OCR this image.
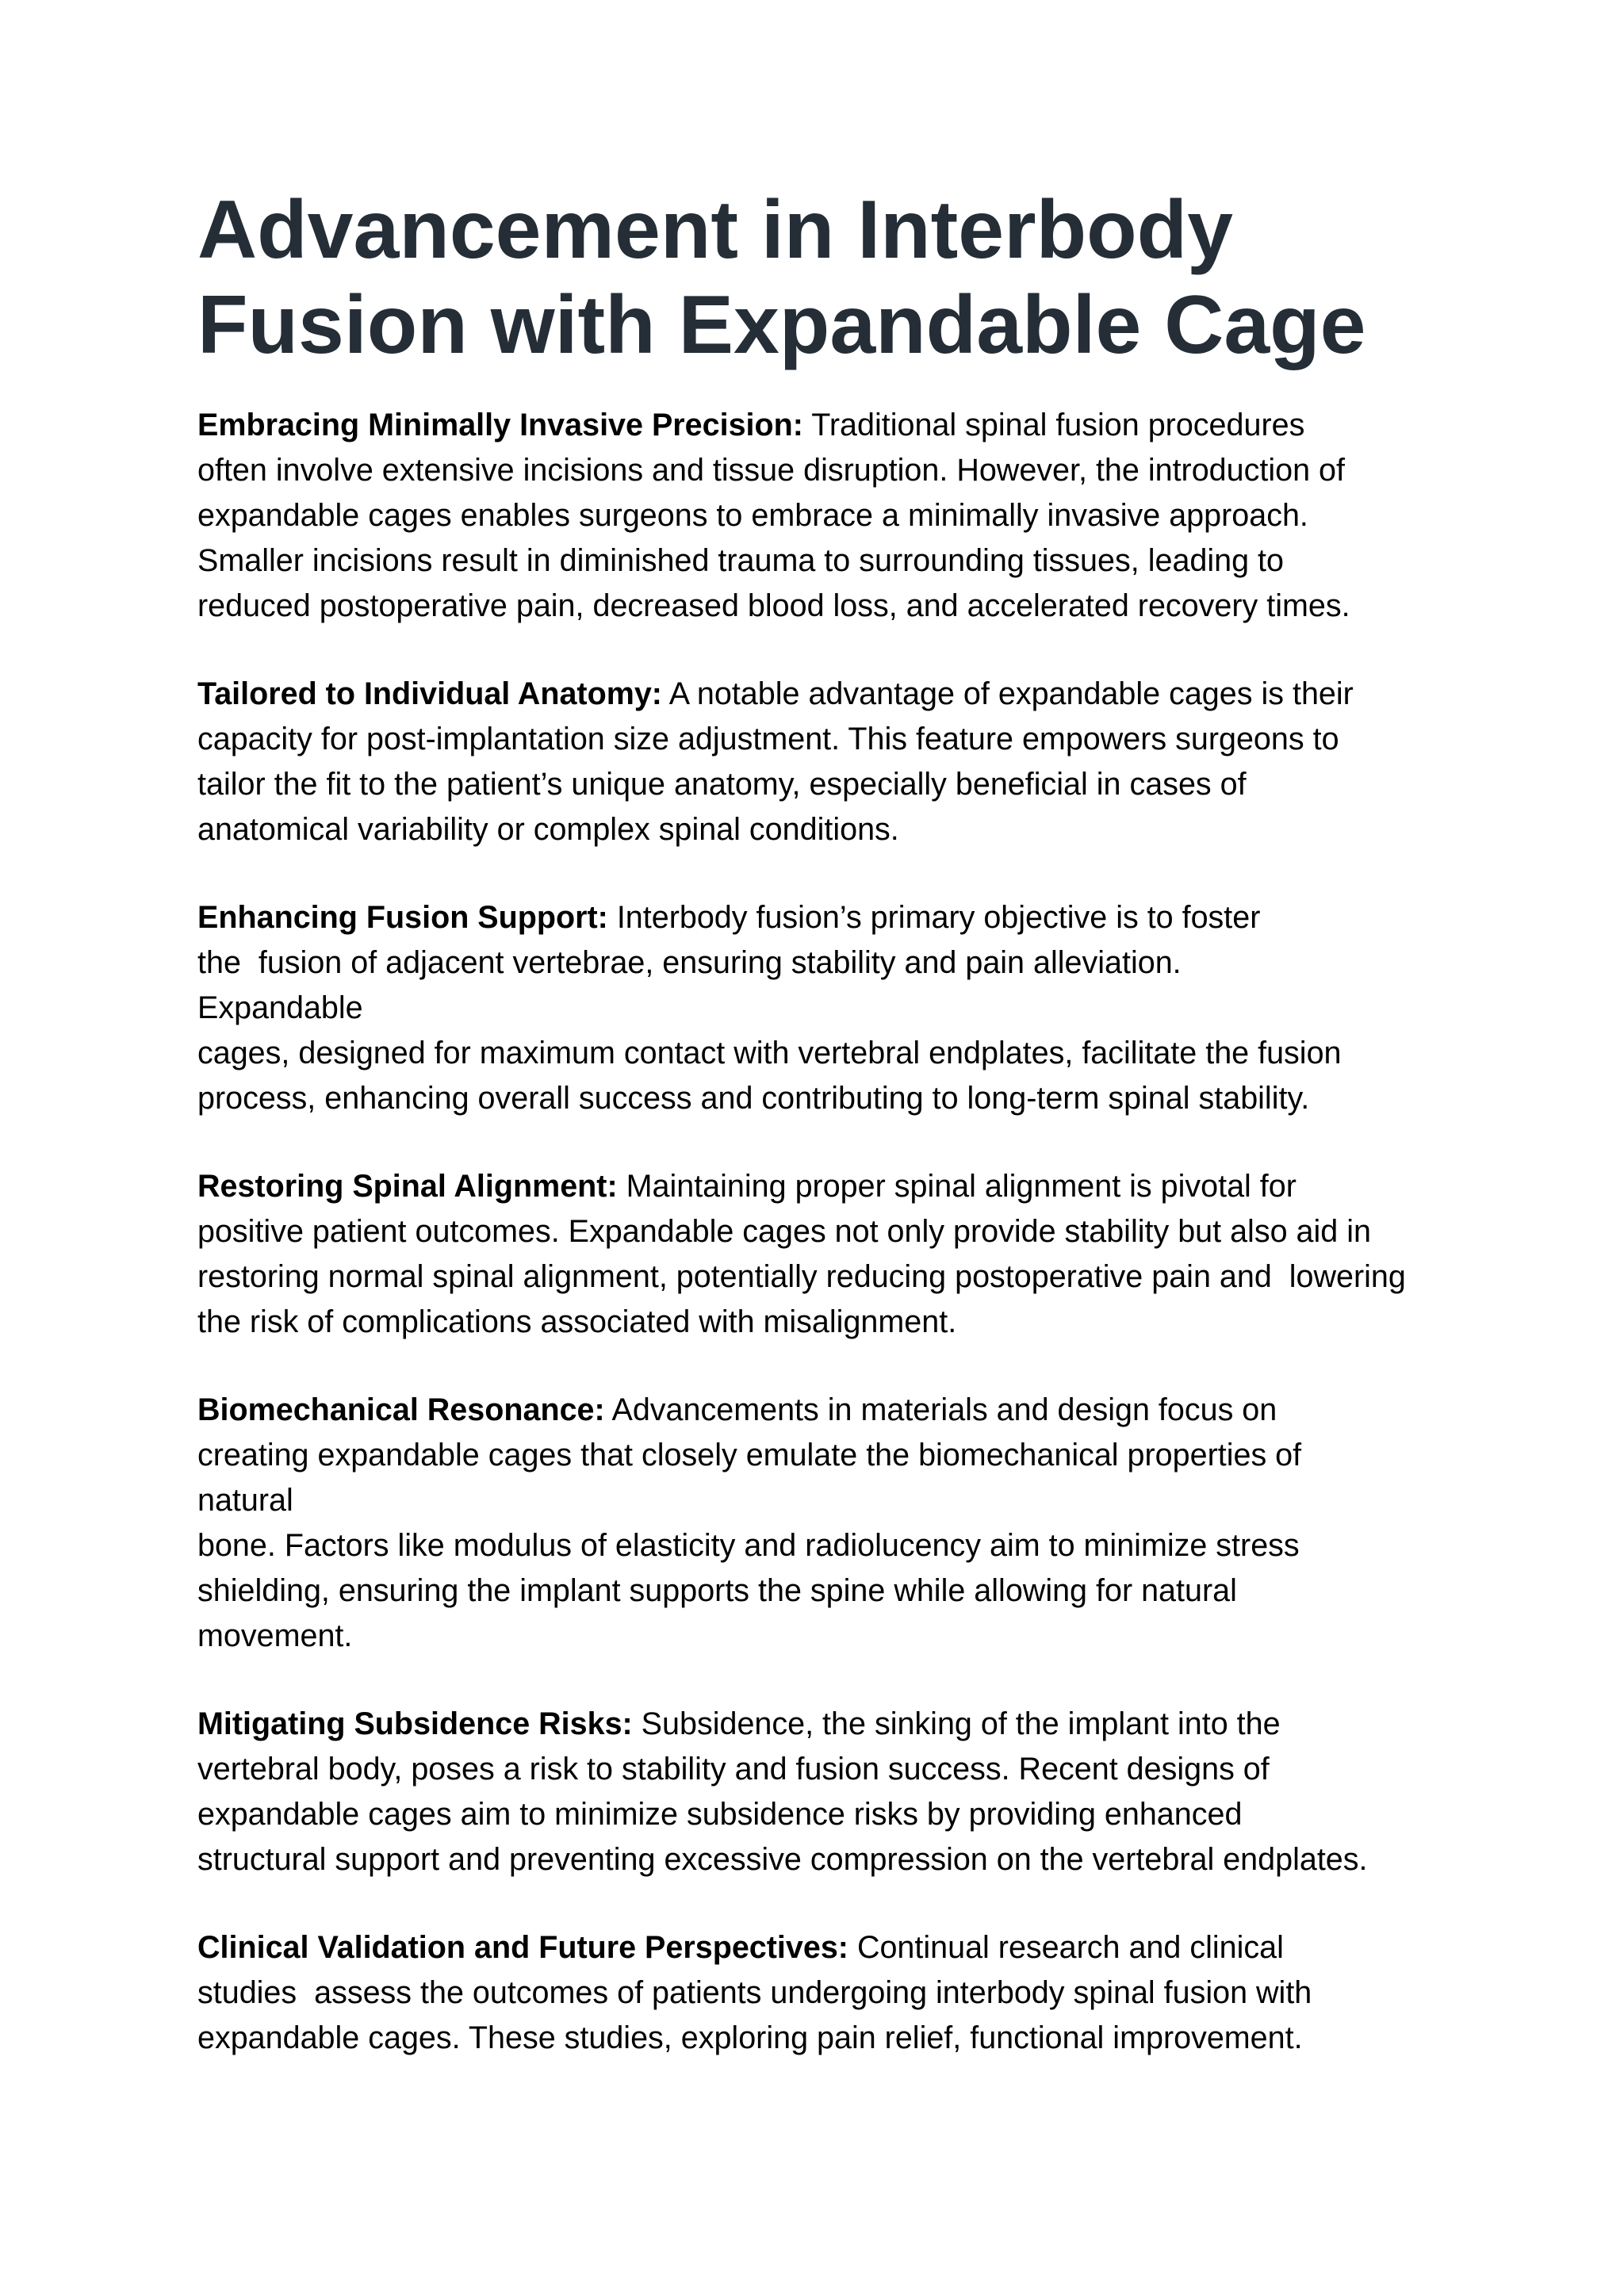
Advancement in Interbody
Fusion with Expandable Cage

Embracing Minimally Invasive Precision: Traditional spinal fusion procedures
often involve extensive incisions and tissue disruption. However, the introduction of
expandable cages enables surgeons to embrace a minimally invasive approach.
Smaller incisions result in diminished trauma to surrounding tissues, leading to
reduced postoperative pain, decreased blood loss, and accelerated recovery times.

Tailored to Individual Anatomy: A notable advantage of expandable cages is their
capacity for post-implantation size adjustment. This feature empowers surgeons to
tailor the fit to the patient’s unique anatomy, especially beneficial in cases of
anatomical variability or complex spinal conditions.

Enhancing Fusion Support: Interbody fusion’s primary objective is to foster
the  fusion of adjacent vertebrae, ensuring stability and pain alleviation.
Expandable
cages, designed for maximum contact with vertebral endplates, facilitate the fusion
process, enhancing overall success and contributing to long-term spinal stability.

Restoring Spinal Alignment: Maintaining proper spinal alignment is pivotal for
positive patient outcomes. Expandable cages not only provide stability but also aid in
restoring normal spinal alignment, potentially reducing postoperative pain and  lowering
the risk of complications associated with misalignment.

Biomechanical Resonance: Advancements in materials and design focus on
creating expandable cages that closely emulate the biomechanical properties of
natural
bone. Factors like modulus of elasticity and radiolucency aim to minimize stress
shielding, ensuring the implant supports the spine while allowing for natural
movement.

Mitigating Subsidence Risks: Subsidence, the sinking of the implant into the
vertebral body, poses a risk to stability and fusion success. Recent designs of
expandable cages aim to minimize subsidence risks by providing enhanced
structural support and preventing excessive compression on the vertebral endplates.

Clinical Validation and Future Perspectives: Continual research and clinical
studies  assess the outcomes of patients undergoing interbody spinal fusion with
expandable cages. These studies, exploring pain relief, functional improvement.
